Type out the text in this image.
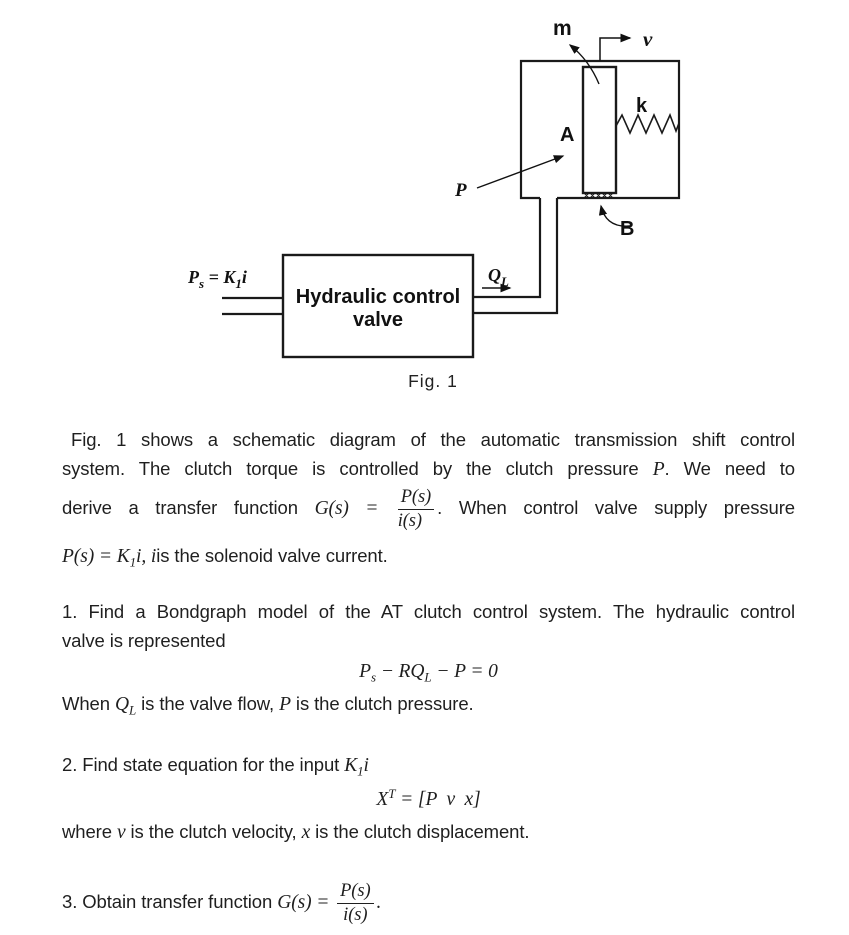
m	v
k
A
P
B
$P_s = K_1i$	$Q_L$
Hydraulic control
valve
Fig. 1
Fig. 1 shows a schematic diagram of the automatic transmission shift control
system. The clutch torque is controlled by the clutch pressure P. We need to
derive a transfer function $G(s) = \frac{P(s)}{i(s)}$ . When control valve supply pressure
$P(s) = K_1i$, iis the solenoid valve current.
1. Find a Bondgraph model of the AT clutch control system. The hydraulic control
valve is represented
$P_s - RQ_L - P = 0$
When $Q_L$ is the valve flow, P is the clutch pressure.
2. Find state equation for the input $K_1i$
$X^T = [P$  v  x]
where v is the clutch velocity, x is the clutch displacement.
3. Obtain transfer function $G(s) = \frac{P(s)}{i(s)}$ .
